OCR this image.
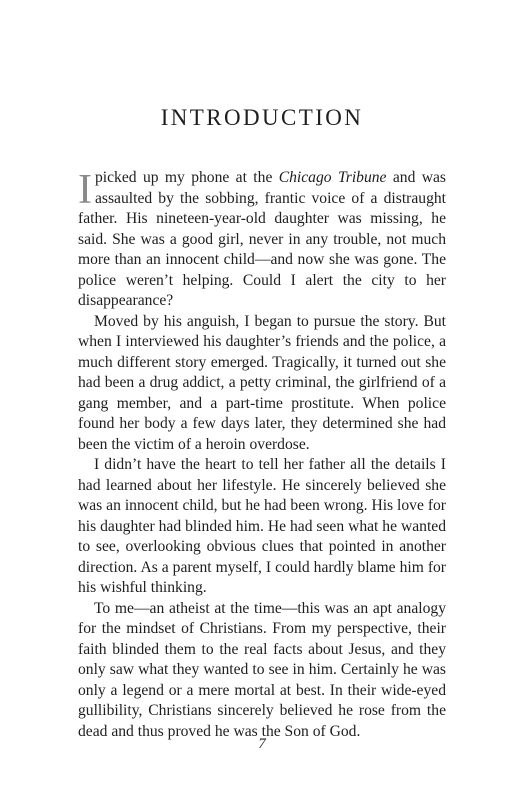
INTRODUCTION

Ipicked up my phone at the Chicago Tribune and was assaulted by the sobbing, frantic voice of a distraught father. His nineteen-year-old daughter was missing, he said. She was a good girl, never in any trouble, not much more than an innocent child—and now she was gone. The police weren’t helping. Could I alert the city to her disappearance?

Moved by his anguish, I began to pursue the story. But when I interviewed his daughter’s friends and the police, a much different story emerged. Tragically, it turned out she had been a drug addict, a petty criminal, the girlfriend of a gang member, and a part-time prostitute. When police found her body a few days later, they determined she had been the victim of a heroin overdose.

I didn’t have the heart to tell her father all the details I had learned about her lifestyle. He sincerely believed she was an innocent child, but he had been wrong. His love for his daughter had blinded him. He had seen what he wanted to see, overlooking obvious clues that pointed in another direction. As a parent myself, I could hardly blame him for his wishful thinking.

To me—an atheist at the time—this was an apt analogy for the mindset of Christians. From my perspective, their faith blinded them to the real facts about Jesus, and they only saw what they wanted to see in him. Certainly he was only a legend or a mere mortal at best. In their wide-eyed gullibility, Christians sincerely believed he rose from the dead and thus proved he was the Son of God.

7
